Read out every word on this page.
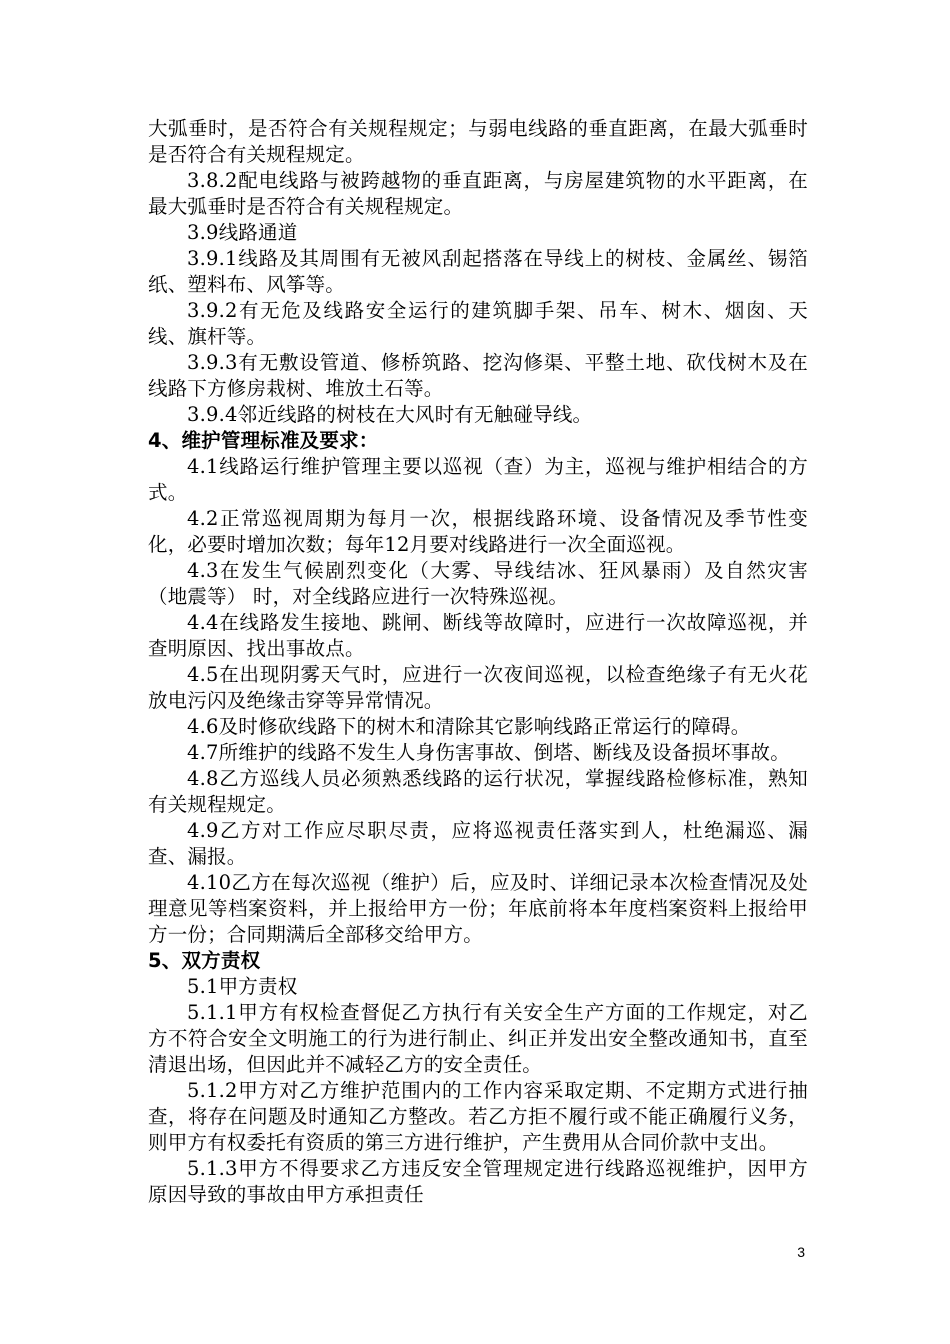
大弧垂时，是否符合有关规程规定；与弱电线路的垂直距离，在最大弧垂时是否符合有关规程规定。

3.8.2配电线路与被跨越物的垂直距离，与房屋建筑物的水平距离，在最大弧垂时是否符合有关规程规定。

3.9线路通道

3.9.1线路及其周围有无被风刮起搭落在导线上的树枝、金属丝、锡箔纸、塑料布、风筝等。

3.9.2有无危及线路安全运行的建筑脚手架、吊车、树木、烟囱、天线、旗杆等。

3.9.3有无敷设管道、修桥筑路、挖沟修渠、平整土地、砍伐树木及在线路下方修房栽树、堆放土石等。

3.9.4邻近线路的树枝在大风时有无触碰导线。

4、维护管理标准及要求：

4.1线路运行维护管理主要以巡视（查）为主，巡视与维护相结合的方式。

4.2正常巡视周期为每月一次，根据线路环境、设备情况及季节性变化，必要时增加次数；每年12月要对线路进行一次全面巡视。

4.3在发生气候剧烈变化（大雾、导线结冰、狂风暴雨）及自然灾害（地震等） 时，对全线路应进行一次特殊巡视。

4.4在线路发生接地、跳闸、断线等故障时，应进行一次故障巡视，并查明原因、找出事故点。

4.5在出现阴雾天气时，应进行一次夜间巡视，以检查绝缘子有无火花放电污闪及绝缘击穿等异常情况。

4.6及时修砍线路下的树木和清除其它影响线路正常运行的障碍。

4.7所维护的线路不发生人身伤害事故、倒塔、断线及设备损坏事故。

4.8乙方巡线人员必须熟悉线路的运行状况，掌握线路检修标准，熟知有关规程规定。

4.9乙方对工作应尽职尽责，应将巡视责任落实到人，杜绝漏巡、漏查、漏报。

4.10乙方在每次巡视（维护）后，应及时、详细记录本次检查情况及处理意见等档案资料，并上报给甲方一份；年底前将本年度档案资料上报给甲方一份；合同期满后全部移交给甲方。

5、双方责权

5.1甲方责权

5.1.1甲方有权检查督促乙方执行有关安全生产方面的工作规定，对乙方不符合安全文明施工的行为进行制止、纠正并发出安全整改通知书，直至清退出场，但因此并不减轻乙方的安全责任。

5.1.2甲方对乙方维护范围内的工作内容采取定期、不定期方式进行抽查，将存在问题及时通知乙方整改。若乙方拒不履行或不能正确履行义务，则甲方有权委托有资质的第三方进行维护，产生费用从合同价款中支出。

5.1.3甲方不得要求乙方违反安全管理规定进行线路巡视维护，因甲方原因导致的事故由甲方承担责任

3
